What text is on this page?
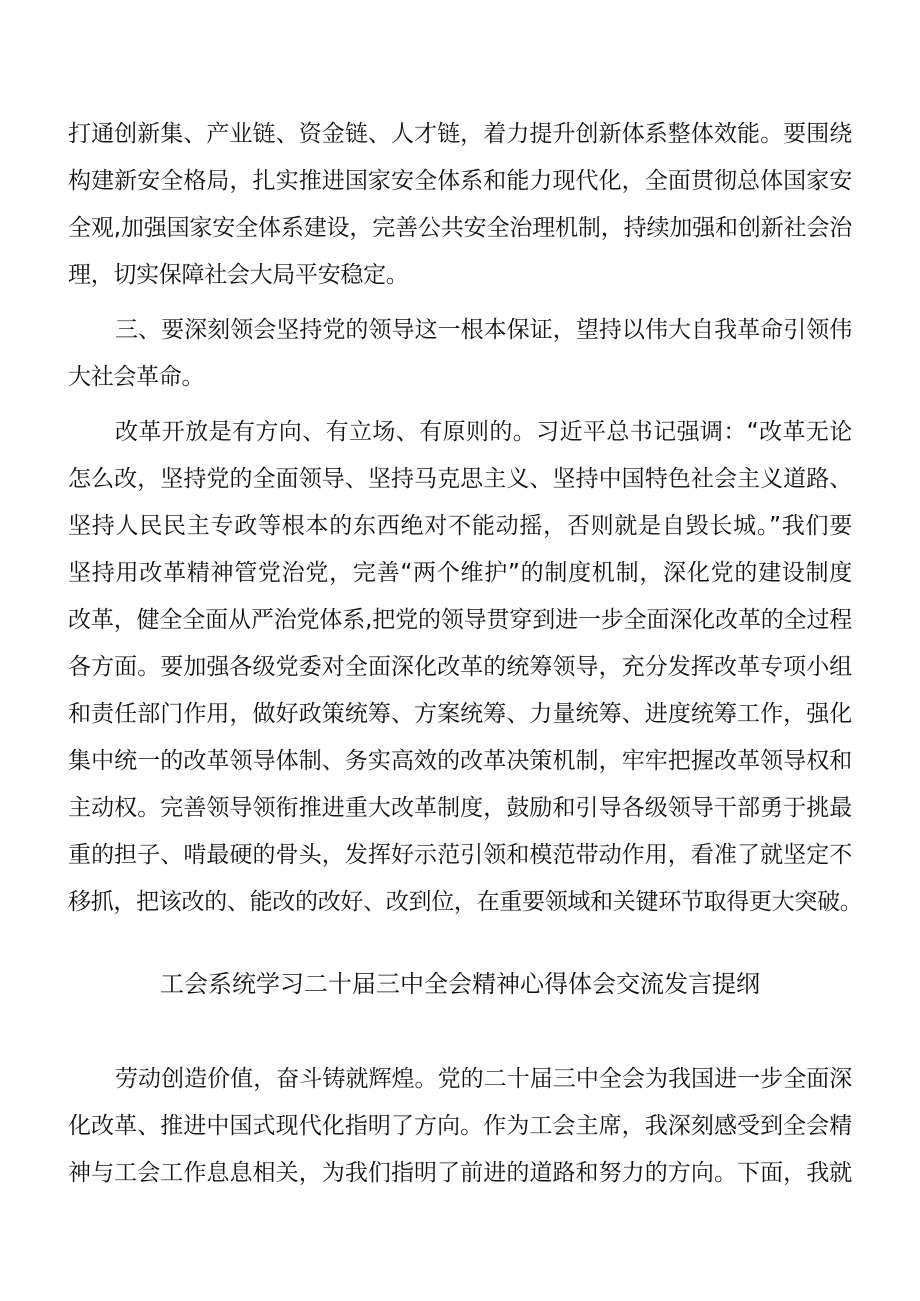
打通创新集、产业链、资金链、人才链，着力提升创新体系整体效能。要围绕
构建新安全格局，扎实推进国家安全体系和能力现代化，全面贯彻总体国家安
全观,加强国家安全体系建设，完善公共安全治理机制，持续加强和创新社会治
理，切实保障社会大局平安稳定。
三、要深刻领会坚持党的领导这一根本保证，望持以伟大自我革命引领伟
大社会革命。
改革开放是有方向、有立场、有原则的。习近平总书记强调：“改革无论
怎么改，坚持党的全面领导、坚持马克思主义、坚持中国特色社会主义道路、
坚持人民民主专政等根本的东西绝对不能动摇，否则就是自毁长城。”我们要
坚持用改革精神管党治党，完善“两个维护”的制度机制，深化党的建设制度
改革，健全全面从严治党体系,把党的领导贯穿到进一步全面深化改革的全过程
各方面。要加强各级党委对全面深化改革的统筹领导，充分发挥改革专项小组
和责任部门作用，做好政策统筹、方案统筹、力量统筹、进度统筹工作，强化
集中统一的改革领导体制、务实高效的改革决策机制，牢牢把握改革领导权和
主动权。完善领导领衔推进重大改革制度，鼓励和引导各级领导干部勇于挑最
重的担子、啃最硬的骨头，发挥好示范引领和模范带动作用，看准了就坚定不
移抓，把该改的、能改的改好、改到位，在重要领域和关键环节取得更大突破。
工会系统学习二十届三中全会精神心得体会交流发言提纲
劳动创造价值，奋斗铸就辉煌。党的二十届三中全会为我国进一步全面深
化改革、推进中国式现代化指明了方向。作为工会主席，我深刻感受到全会精
神与工会工作息息相关，为我们指明了前进的道路和努力的方向。下面，我就
